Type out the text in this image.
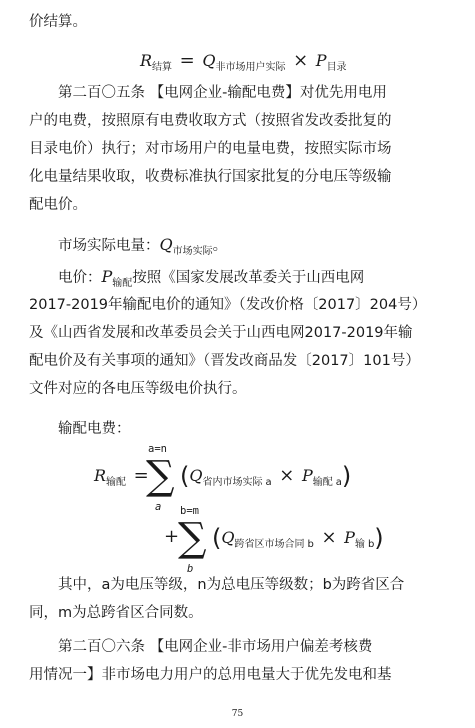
价结算。
$R_{结算} = Q_{非市场用户实际} \times P_{目录}$
第二百〇五条 【电网企业-输配电费】对优先用电用
户的电费，按照原有电费收取方式（按照省发改委批复的
目录电价）执行；对市场用户的电量电费，按照实际市场
化电量结果收取，收费标准执行国家批复的分电压等级输
配电价。
市场实际电量：$Q_{市场实际}$。
电价：$P_{输配}$按照《国家发展改革委关于山西电网
2017-2019年输配电价的通知》（发改价格〔2017〕204号）
及《山西省发展和改革委员会关于山西电网2017-2019年输
配电价及有关事项的通知》（晋发改商品发〔2017〕101号）
文件对应的各电压等级电价执行。
输配电费：
$R_{输配}$ =
a=n
∑
a
($Q_{省内市场实际}$ $_a \times P_{输配}$ $_a$)
+
b=m
∑
b
($Q_{跨省区市场合同}$ $_b \times P_输$ $_b$)
其中，a为电压等级，n为总电压等级数；b为跨省区合
同，m为总跨省区合同数。
第二百〇六条 【电网企业-非市场用户偏差考核费
用情况一】非市场电力用户的总用电量大于优先发电和基
75
